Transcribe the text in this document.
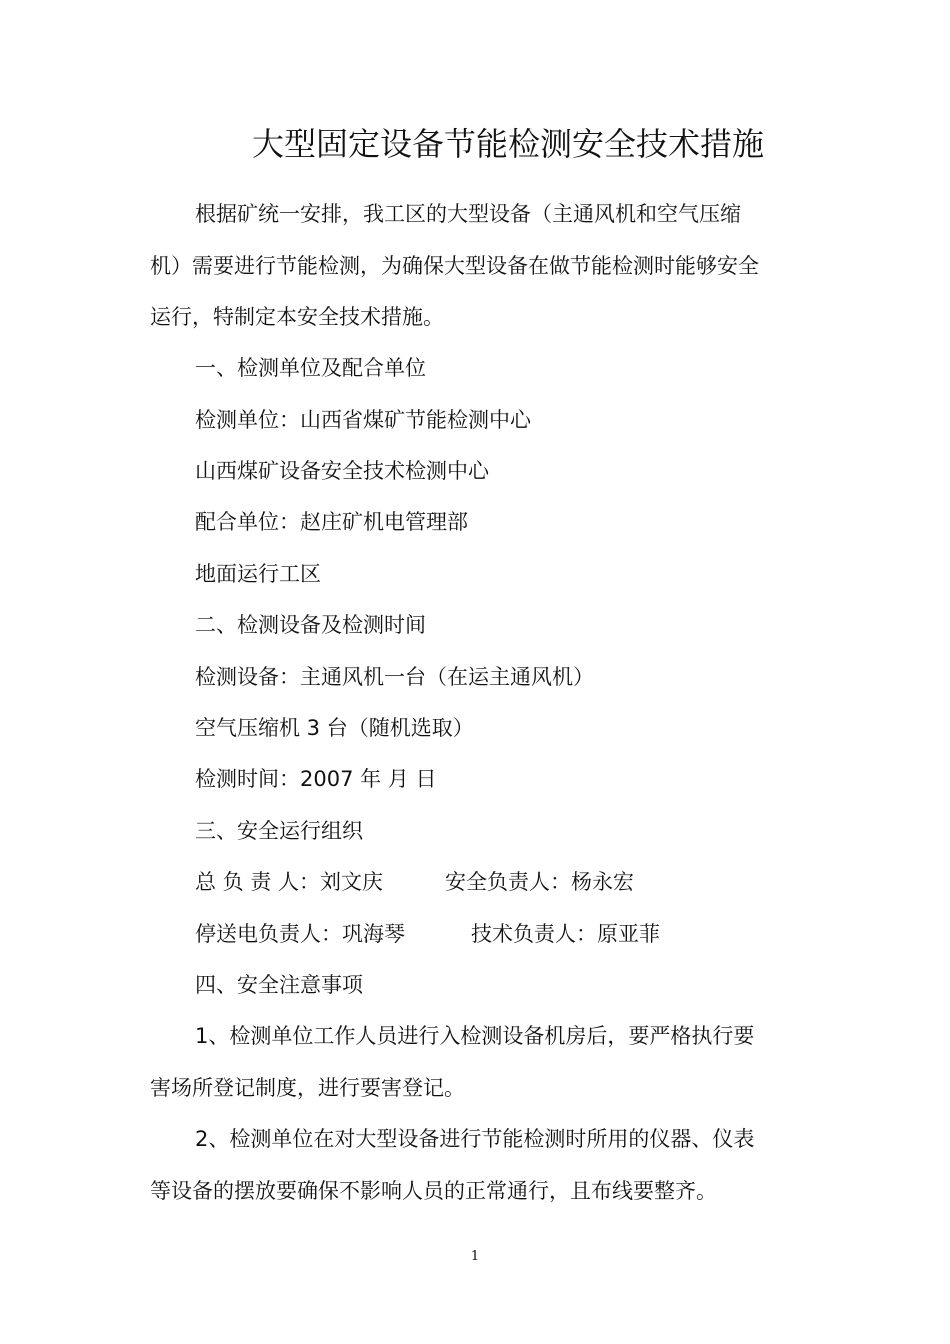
大型固定设备节能检测安全技术措施
根据矿统一安排，我工区的大型设备（主通风机和空气压缩
机）需要进行节能检测，为确保大型设备在做节能检测时能够安全
运行，特制定本安全技术措施。
一、检测单位及配合单位
检测单位：山西省煤矿节能检测中心
山西煤矿设备安全技术检测中心
配合单位：赵庄矿机电管理部
地面运行工区
二、检测设备及检测时间
检测设备：主通风机一台（在运主通风机）
空气压缩机 3 台（随机选取）
检测时间：2007 年 月 日
三、安全运行组织
总 负 责 人：刘文庆	安全负责人：杨永宏
停送电负责人：巩海琴	技术负责人：原亚菲
四、安全注意事项
1、检测单位工作人员进行入检测设备机房后，要严格执行要
害场所登记制度，进行要害登记。
2、检测单位在对大型设备进行节能检测时所用的仪器、仪表
等设备的摆放要确保不影响人员的正常通行，且布线要整齐。
1
